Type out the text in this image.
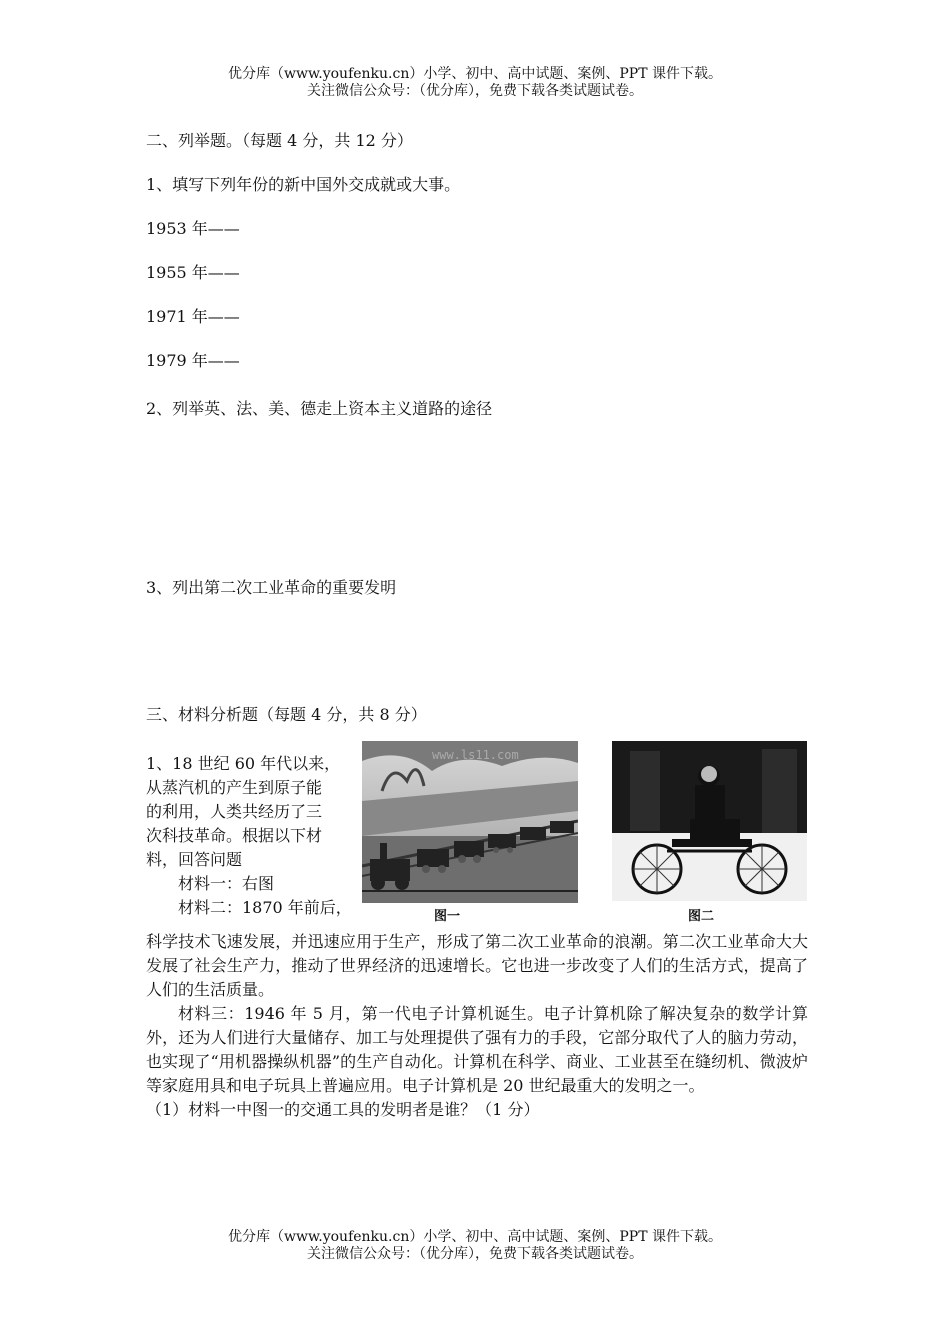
优分库（www.youfenku.cn）小学、初中、高中试题、案例、PPT 课件下载。
关注微信公众号：（优分库），免费下载各类试题试卷。
二、列举题。（每题 4 分，共 12 分）
1、填写下列年份的新中国外交成就或大事。
1953 年——
1955 年——
1971 年——
1979 年——
2、列举英、法、美、德走上资本主义道路的途径
3、列出第二次工业革命的重要发明
三、材料分析题（每题 4 分，共 8 分）

1、18 世纪 60 年代以来，

从蒸汽机的产生到原子能

的利用，人类共经历了三

次科技革命。根据以下材

料，回答问题

材料一：右图

材料二：1870 年前后，

www.ls11.com
图一	图二

科学技术飞速发展，并迅速应用于生产，形成了第二次工业革命的浪潮。第二次工业革命大大发展了社会生产力，推动了世界经济的迅速增长。它也进一步改变了人们的生活方式，提高了人们的生活质量。

材料三：1946 年 5 月，第一代电子计算机诞生。电子计算机除了解决复杂的数学计算外，还为人们进行大量储存、加工与处理提供了强有力的手段，它部分取代了人的脑力劳动，也实现了“用机器操纵机器”的生产自动化。计算机在科学、商业、工业甚至在缝纫机、微波炉等家庭用具和电子玩具上普遍应用。电子计算机是 20 世纪最重大的发明之一。

（1）材料一中图一的交通工具的发明者是谁？（1 分）

优分库（www.youfenku.cn）小学、初中、高中试题、案例、PPT 课件下载。
关注微信公众号：（优分库），免费下载各类试题试卷。
